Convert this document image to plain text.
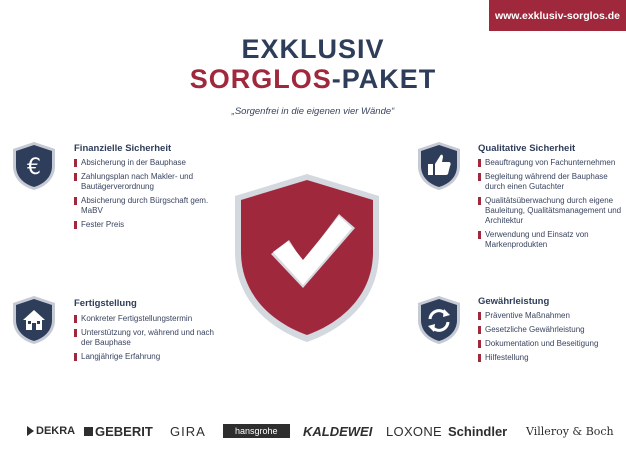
www.exklusiv-sorglos.de
EXKLUSIV
SORGLOS-PAKET
„Sorgenfrei in die eigenen vier Wände“
€
Finanzielle Sicherheit
Absicherung in der Bauphase
Zahlungsplan nach Makler- und Bautägerverordnung
Absicherung durch Bürgschaft gem. MaBV
Fester Preis
Fertigstellung
Konkreter Fertigstellungstermin
Unterstützung vor, während und nach der Bauphase
Langjährige Erfahrung
Qualitative Sicherheit
Beauftragung von Fachunternehmen
Begleitung während der Bauphase durch einen Gutachter
Qualitätsüberwachung durch eigene Bauleitung, Qualitätsmanagement und Architektur
Verwendung und Einsatz von Markenprodukten
Gewährleistung
Präventive Maßnahmen
Gesetzliche Gewährleistung
Dokumentation und Beseitigung
Hilfestellung
DEKRA GEBERIT GIRA	hansgrohe	KALDEWEI LOXONE Schindler Villeroy & Boch
